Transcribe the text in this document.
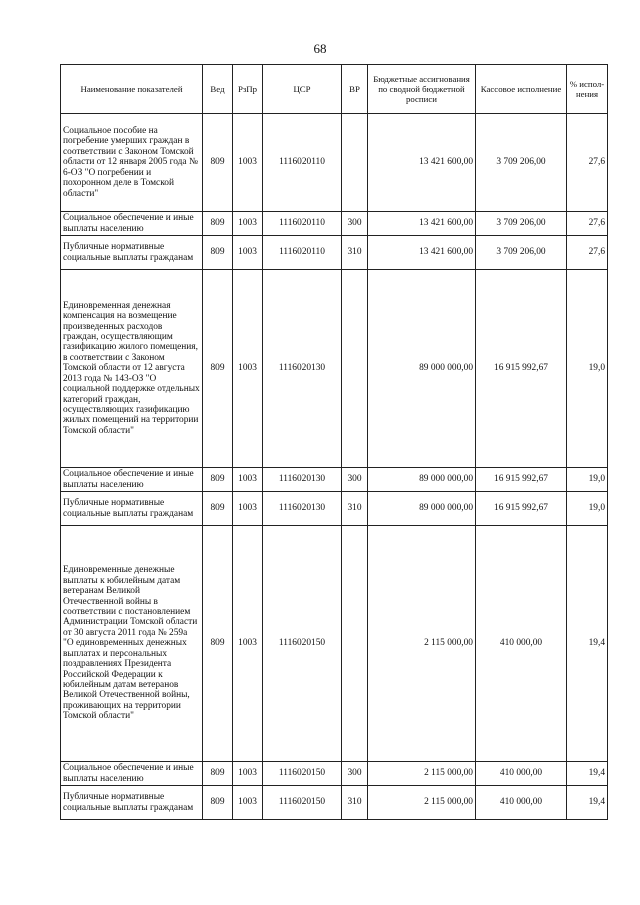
68
Наименование показателей	Вед	РзПр	ЦСР	ВР	Бюджетные ассигнования по сводной бюджетной росписи	Кассовое исполнение	% испол-нения
Социальное пособие на погребение умерших граждан в соответствии с Законом Томской области от 12 января 2005 года № 6-ОЗ "О погребении и похоронном деле в Томской области"	809	1003	1116020110		13 421 600,00	3 709 206,00	27,6
Социальное обеспечение и иные выплаты населению	809	1003	1116020110	300	13 421 600,00	3 709 206,00	27,6
Публичные нормативные социальные выплаты гражданам	809	1003	1116020110	310	13 421 600,00	3 709 206,00	27,6
Единовременная денежная компенсация на возмещение произведенных расходов граждан, осуществляющим газификацию жилого помещения, в соответствии с Законом Томской области от 12 августа 2013 года № 143-ОЗ "О социальной поддержке отдельных категорий граждан, осуществляющих газификацию жилых помещений на территории Томской области"	809	1003	1116020130		89 000 000,00	16 915 992,67	19,0
Социальное обеспечение и иные выплаты населению	809	1003	1116020130	300	89 000 000,00	16 915 992,67	19,0
Публичные нормативные социальные выплаты гражданам	809	1003	1116020130	310	89 000 000,00	16 915 992,67	19,0
Единовременные денежные выплаты к юбилейным датам ветеранам Великой Отечественной войны в соответствии с постановлением Администрации Томской области от 30 августа 2011 года № 259а "О единовременных денежных выплатах и персональных поздравлениях Президента Российской Федерации к юбилейным датам ветеранов Великой Отечественной войны, проживающих на территории Томской области"	809	1003	1116020150		2 115 000,00	410 000,00	19,4
Социальное обеспечение и иные выплаты населению	809	1003	1116020150	300	2 115 000,00	410 000,00	19,4
Публичные нормативные социальные выплаты гражданам	809	1003	1116020150	310	2 115 000,00	410 000,00	19,4
